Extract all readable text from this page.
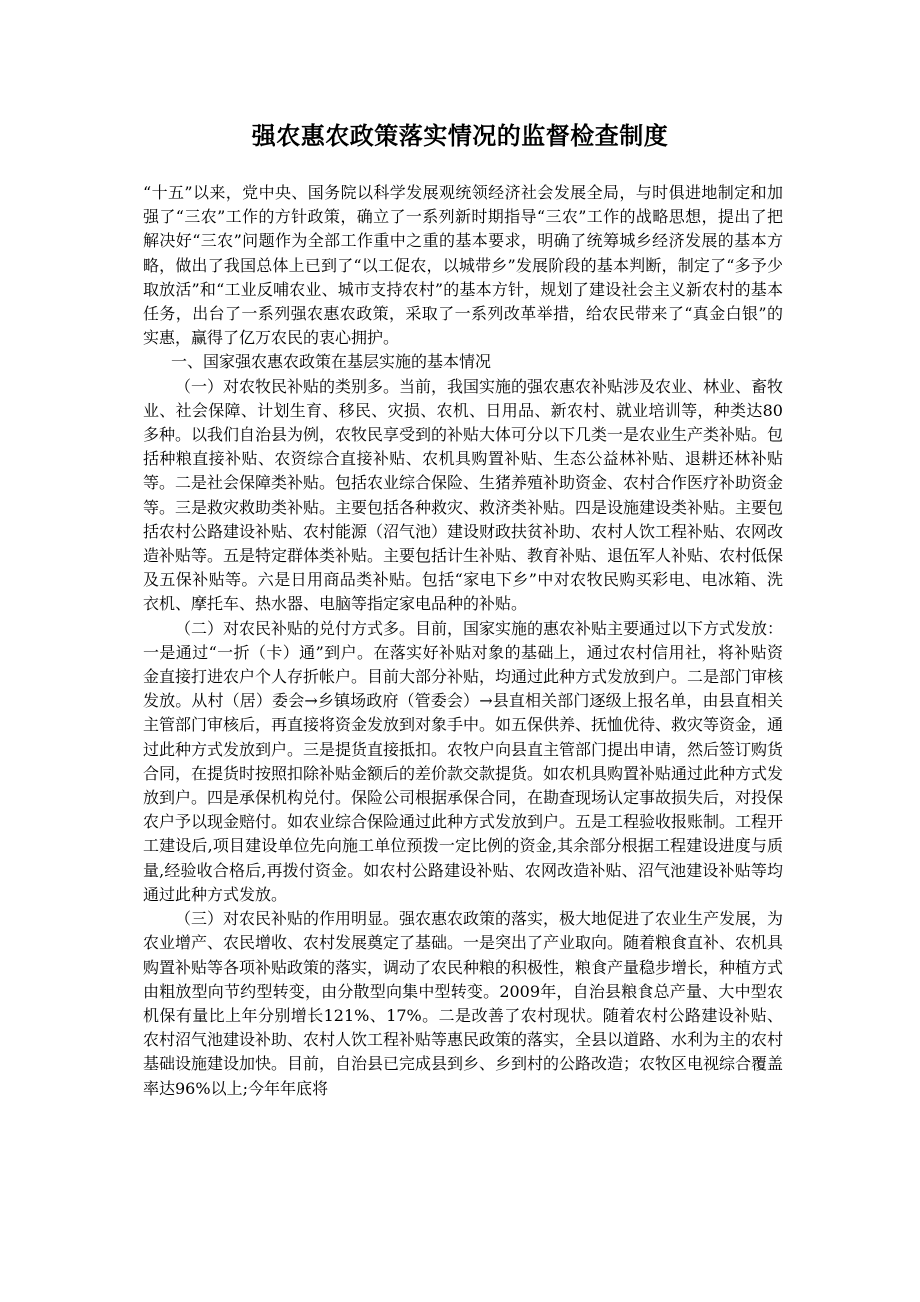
强农惠农政策落实情况的监督检查制度

“十五”以来，党中央、国务院以科学发展观统领经济社会发展全局，与时俱进地制定和加强了“三农”工作的方针政策，确立了一系列新时期指导“三农”工作的战略思想，提出了把解决好“三农”问题作为全部工作重中之重的基本要求，明确了统筹城乡经济发展的基本方略，做出了我国总体上已到了“以工促农，以城带乡”发展阶段的基本判断，制定了“多予少取放活”和“工业反哺农业、城市支持农村”的基本方针，规划了建设社会主义新农村的基本任务，出台了一系列强农惠农政策，采取了一系列改革举措，给农民带来了“真金白银”的实惠，赢得了亿万农民的衷心拥护。

一、国家强农惠农政策在基层实施的基本情况

（一）对农牧民补贴的类别多。当前，我国实施的强农惠农补贴涉及农业、林业、畜牧业、社会保障、计划生育、移民、灾损、农机、日用品、新农村、就业培训等，种类达80多种。以我们自治县为例，农牧民享受到的补贴大体可分以下几类一是农业生产类补贴。包括种粮直接补贴、农资综合直接补贴、农机具购置补贴、生态公益林补贴、退耕还林补贴等。二是社会保障类补贴。包括农业综合保险、生猪养殖补助资金、农村合作医疗补助资金等。三是救灾救助类补贴。主要包括各种救灾、救济类补贴。四是设施建设类补贴。主要包括农村公路建设补贴、农村能源（沼气池）建设财政扶贫补助、农村人饮工程补贴、农网改造补贴等。五是特定群体类补贴。主要包括计生补贴、教育补贴、退伍军人补贴、农村低保及五保补贴等。六是日用商品类补贴。包括“家电下乡”中对农牧民购买彩电、电冰箱、洗衣机、摩托车、热水器、电脑等指定家电品种的补贴。

（二）对农民补贴的兑付方式多。目前，国家实施的惠农补贴主要通过以下方式发放：一是通过“一折（卡）通”到户。在落实好补贴对象的基础上，通过农村信用社，将补贴资金直接打进农户个人存折帐户。目前大部分补贴，均通过此种方式发放到户。二是部门审核发放。从村（居）委会→乡镇场政府（管委会）→县直相关部门逐级上报名单，由县直相关主管部门审核后，再直接将资金发放到对象手中。如五保供养、抚恤优待、救灾等资金，通过此种方式发放到户。三是提货直接抵扣。农牧户向县直主管部门提出申请，然后签订购货合同，在提货时按照扣除补贴金额后的差价款交款提货。如农机具购置补贴通过此种方式发放到户。四是承保机构兑付。保险公司根据承保合同，在勘查现场认定事故损失后，对投保农户予以现金赔付。如农业综合保险通过此种方式发放到户。五是工程验收报账制。工程开工建设后,项目建设单位先向施工单位预拨一定比例的资金,其余部分根据工程建设进度与质量,经验收合格后,再拨付资金。如农村公路建设补贴、农网改造补贴、沼气池建设补贴等均通过此种方式发放。

（三）对农民补贴的作用明显。强农惠农政策的落实，极大地促进了农业生产发展，为农业增产、农民增收、农村发展奠定了基础。一是突出了产业取向。随着粮食直补、农机具购置补贴等各项补贴政策的落实，调动了农民种粮的积极性，粮食产量稳步增长，种植方式由粗放型向节约型转变，由分散型向集中型转变。2009年，自治县粮食总产量、大中型农机保有量比上年分别增长121%、17%。二是改善了农村现状。随着农村公路建设补贴、农村沼气池建设补助、农村人饮工程补贴等惠民政策的落实，全县以道路、水利为主的农村基础设施建设加快。目前，自治县已完成县到乡、乡到村的公路改造；农牧区电视综合覆盖率达96%以上;今年年底将
